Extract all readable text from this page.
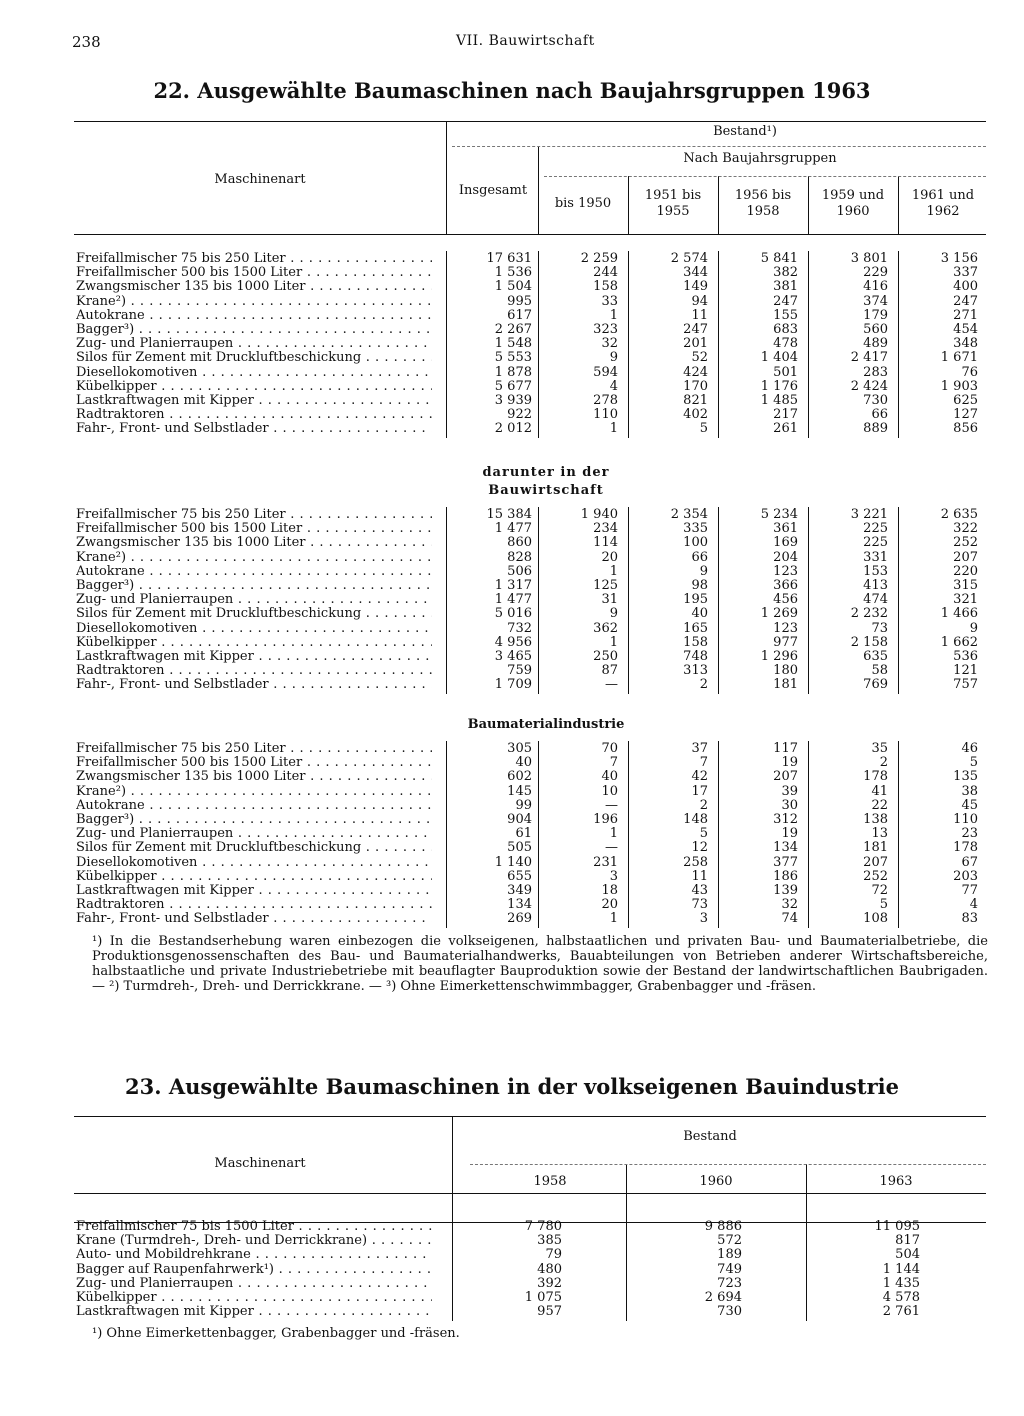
238	VII. Bauwirtschaft
22. Ausgewählte Baumaschinen nach Baujahrsgruppen 1963
Maschinenart
Bestand¹)
Nach Baujahrsgruppen
Insgesamt
bis 1950
1951 bis
1955
1956 bis
1958
1959 und
1960
1961 und
1962
Freifallmischer 75 bis 250 Liter . . .	17 631	2 259	2 574	5 841	3 801	3 156
Freifallmischer 500 bis 1500 Liter . . .	1 536	244	344	382	229	337
Zwangsmischer 135 bis 1000 Liter . . .	1 504	158	149	381	416	400
Krane²) . . .	995	33	94	247	374	247
Autokrane . . .	617	1	11	155	179	271
Bagger³) . . .	2 267	323	247	683	560	454
Zug- und Planierraupen . . .	1 548	32	201	478	489	348
Silos für Zement mit Druckluftbeschickung . . .	5 553	9	52	1 404	2 417	1 671
Diesellokomotiven . . .	1 878	594	424	501	283	76
Kübelkipper . . .	5 677	4	170	1 176	2 424	1 903
Lastkraftwagen mit Kipper . . .	3 939	278	821	1 485	730	625
Radtraktoren . . .	922	110	402	217	66	127
Fahr-, Front- und Selbstlader . . .	2 012	1	5	261	889	856
darunter in der
Bauwirtschaft
Freifallmischer 75 bis 250 Liter . . .	15 384	1 940	2 354	5 234	3 221	2 635
Freifallmischer 500 bis 1500 Liter . . .	1 477	234	335	361	225	322
Zwangsmischer 135 bis 1000 Liter . . .	860	114	100	169	225	252
Krane²) . . .	828	20	66	204	331	207
Autokrane . . .	506	1	9	123	153	220
Bagger³) . . .	1 317	125	98	366	413	315
Zug- und Planierraupen . . .	1 477	31	195	456	474	321
Silos für Zement mit Druckluftbeschickung . . .	5 016	9	40	1 269	2 232	1 466
Diesellokomotiven . . .	732	362	165	123	73	9
Kübelkipper . . .	4 956	1	158	977	2 158	1 662
Lastkraftwagen mit Kipper . . .	3 465	250	748	1 296	635	536
Radtraktoren . . .	759	87	313	180	58	121
Fahr-, Front- und Selbstlader . . .	1 709	—	2	181	769	757
Baumaterialindustrie
Freifallmischer 75 bis 250 Liter . . .	305	70	37	117	35	46
Freifallmischer 500 bis 1500 Liter . . .	40	7	7	19	2	5
Zwangsmischer 135 bis 1000 Liter . . .	602	40	42	207	178	135
Krane²) . . .	145	10	17	39	41	38
Autokrane . . .	99	—	2	30	22	45
Bagger³) . . .	904	196	148	312	138	110
Zug- und Planierraupen . . .	61	1	5	19	13	23
Silos für Zement mit Druckluftbeschickung . . .	505	—	12	134	181	178
Diesellokomotiven . . .	1 140	231	258	377	207	67
Kübelkipper . . .	655	3	11	186	252	203
Lastkraftwagen mit Kipper . . .	349	18	43	139	72	77
Radtraktoren . . .	134	20	73	32	5	4
Fahr-, Front- und Selbstlader . . .	269	1	3	74	108	83
¹) In die Bestandserhebung waren einbezogen die volkseigenen, halbstaatlichen und privaten Bau- und Baumaterialbetriebe, die Produktionsgenossenschaften des Bau- und Baumaterialhandwerks, Bauabteilungen von Betrieben anderer Wirtschaftsbereiche, halbstaatliche und private Industriebetriebe mit beauflagter Bauproduktion sowie der Bestand der landwirtschaftlichen Baubrigaden. — ²) Turmdreh-, Dreh- und Derrickkrane. — ³) Ohne Eimerkettenschwimmbagger, Grabenbagger und -fräsen.
23. Ausgewählte Baumaschinen in der volkseigenen Bauindustrie
Maschinenart
Bestand
1958	1960	1963
Freifallmischer 75 bis 1500 Liter . . .	7 780	9 886	11 095
Krane (Turmdreh-, Dreh- und Derrickkrane) . . .	385	572	817
Auto- und Mobildrehkrane . . .	79	189	504
Bagger auf Raupenfahrwerk¹) . . .	480	749	1 144
Zug- und Planierraupen . . .	392	723	1 435
Kübelkipper . . .	1 075	2 694	4 578
Lastkraftwagen mit Kipper . . .	957	730	2 761
¹) Ohne Eimerkettenbagger, Grabenbagger und -fräsen.
